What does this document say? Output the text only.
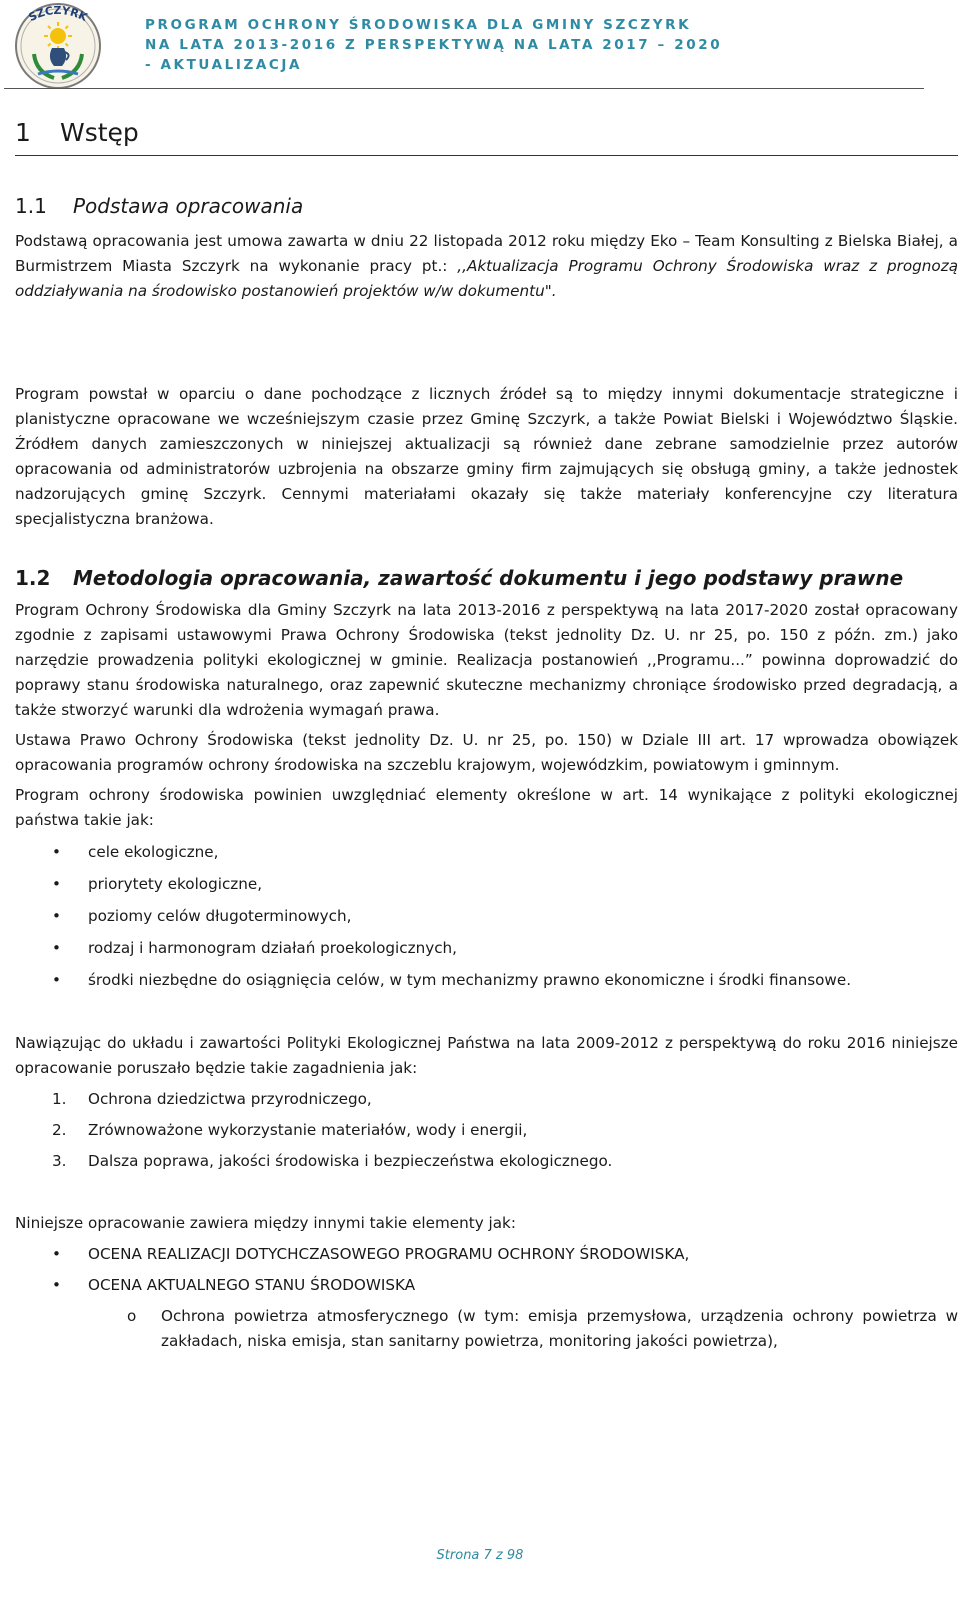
SZCZYRK
PROGRAM OCHRONY ŚRODOWISKA DLA GMINY SZCZYRK
NA LATA 2013-2016 Z PERSPEKTYWĄ NA LATA 2017 – 2020
- AKTUALIZACJA
1	Wstęp
1.1	Podstawa opracowania

Podstawą opracowania jest umowa zawarta w dniu 22 listopada 2012 roku między Eko – Team Konsulting z Bielska Białej, a Burmistrzem Miasta Szczyrk na wykonanie pracy pt.: ,,Aktualizacja Programu Ochrony Środowiska wraz z prognozą oddziaływania na środowisko postanowień projektów w/w dokumentu".

Program powstał w oparciu o dane pochodzące z licznych źródeł są to między innymi dokumentacje strategiczne i planistyczne opracowane we wcześniejszym czasie przez Gminę Szczyrk, a także Powiat Bielski i Województwo Śląskie. Źródłem danych zamieszczonych w niniejszej aktualizacji są również dane zebrane samodzielnie przez autorów opracowania od administratorów uzbrojenia na obszarze gminy firm zajmujących się obsługą gminy, a także jednostek nadzorujących gminę Szczyrk. Cennymi materiałami okazały się także materiały konferencyjne czy literatura specjalistyczna branżowa.

1.2	Metodologia opracowania, zawartość dokumentu i jego podstawy prawne

Program Ochrony Środowiska dla Gminy Szczyrk na lata 2013-2016 z perspektywą na lata 2017-2020 został opracowany zgodnie z zapisami ustawowymi Prawa Ochrony Środowiska (tekst jednolity Dz. U. nr 25, po. 150 z późn. zm.) jako narzędzie prowadzenia polityki ekologicznej w gminie. Realizacja postanowień ,,Programu...” powinna doprowadzić do poprawy stanu środowiska naturalnego, oraz zapewnić skuteczne mechanizmy chroniące środowisko przed degradacją, a także stworzyć warunki dla wdrożenia wymagań prawa.

Ustawa Prawo Ochrony Środowiska (tekst jednolity Dz. U. nr 25, po. 150) w Dziale III art. 17 wprowadza obowiązek opracowania programów ochrony środowiska na szczeblu krajowym, wojewódzkim, powiatowym i gminnym.

Program ochrony środowiska powinien uwzględniać elementy określone w art. 14 wynikające z polityki ekologicznej państwa takie jak:

• cele ekologiczne,
• priorytety ekologiczne,
• poziomy celów długoterminowych,
• rodzaj i harmonogram działań proekologicznych,
• środki niezbędne do osiągnięcia celów, w tym mechanizmy prawno ekonomiczne i środki finansowe.

Nawiązując do układu i zawartości Polityki Ekologicznej Państwa na lata 2009-2012 z perspektywą do roku 2016 niniejsze opracowanie poruszało będzie takie zagadnienia jak:

1. Ochrona dziedzictwa przyrodniczego,
2. Zrównoważone wykorzystanie materiałów, wody i energii,
3. Dalsza poprawa, jakości środowiska i bezpieczeństwa ekologicznego.

Niniejsze opracowanie zawiera między innymi takie elementy jak:

• OCENA REALIZACJI DOTYCHCZASOWEGO PROGRAMU OCHRONY ŚRODOWISKA,
• OCENA AKTUALNEGO STANU ŚRODOWISKA
o Ochrona powietrza atmosferycznego (w tym: emisja przemysłowa, urządzenia ochrony powietrza w zakładach, niska emisja, stan sanitarny powietrza, monitoring jakości powietrza),
Strona 7 z 98
